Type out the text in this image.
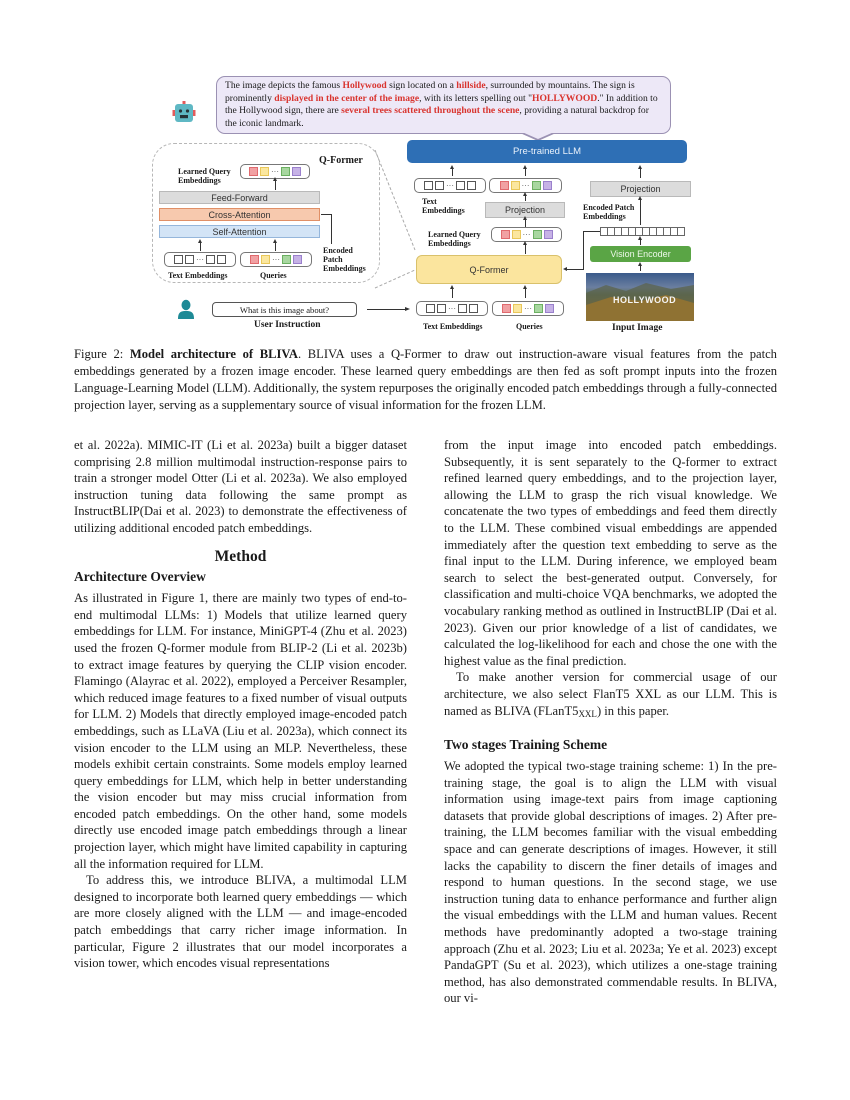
The image depicts the famous Hollywood sign located on a hillside, surrounded by mountains. The sign is prominently displayed in the center of the image, with its letters spelling out "HOLLYWOOD." In addition to the Hollywood sign, there are several trees scattered throughout the scene, providing a natural backdrop for the iconic landmark.
Q-Former
Learned Query Embeddings
···
Feed-Forward
Cross-Attention
Self-Attention
···	···
Text Embeddings	Queries
Encoded Patch Embeddings
Pre-trained LLM
···	···
Text Embeddings	Projection
Learned Query Embeddings
···
Q-Former
···	···
Text Embeddings	Queries
Projection
Encoded Patch Embeddings
Vision Encoder
HOLLYWOOD
Input Image
What is this image about?
User Instruction
Figure 2: Model architecture of BLIVA. BLIVA uses a Q-Former to draw out instruction-aware visual features from the patch embeddings generated by a frozen image encoder. These learned query embeddings are then fed as soft prompt inputs into the frozen Language-Learning Model (LLM). Additionally, the system repurposes the originally encoded patch embeddings through a fully-connected projection layer, serving as a supplementary source of visual information for the frozen LLM.

et al. 2022a). MIMIC-IT (Li et al. 2023a) built a bigger dataset comprising 2.8 million multimodal instruction-response pairs to train a stronger model Otter (Li et al. 2023a). We also employed instruction tuning data following the same prompt as InstructBLIP(Dai et al. 2023) to demonstrate the effectiveness of utilizing additional encoded patch embeddings.

Method
Architecture Overview

As illustrated in Figure 1, there are mainly two types of end-to-end multimodal LLMs: 1) Models that utilize learned query embeddings for LLM. For instance, MiniGPT-4 (Zhu et al. 2023) used the frozen Q-former module from BLIP-2 (Li et al. 2023b) to extract image features by querying the CLIP vision encoder. Flamingo (Alayrac et al. 2022), employed a Perceiver Resampler, which reduced image features to a fixed number of visual outputs for LLM. 2) Models that directly employed image-encoded patch embeddings, such as LLaVA (Liu et al. 2023a), which connect its vision encoder to the LLM using an MLP. Nevertheless, these models exhibit certain constraints. Some models employ learned query embeddings for LLM, which help in better understanding the vision encoder but may miss crucial information from encoded patch embeddings. On the other hand, some models directly use encoded image patch embeddings through a linear projection layer, which might have limited capability in capturing all the information required for LLM.

To address this, we introduce BLIVA, a multimodal LLM designed to incorporate both learned query embeddings — which are more closely aligned with the LLM — and image-encoded patch embeddings that carry richer image information. In particular, Figure 2 illustrates that our model incorporates a vision tower, which encodes visual representations

from the input image into encoded patch embeddings. Subsequently, it is sent separately to the Q-former to extract refined learned query embeddings, and to the projection layer, allowing the LLM to grasp the rich visual knowledge. We concatenate the two types of embeddings and feed them directly to the LLM. These combined visual embeddings are appended immediately after the question text embedding to serve as the final input to the LLM. During inference, we employed beam search to select the best-generated output. Conversely, for classification and multi-choice VQA benchmarks, we adopted the vocabulary ranking method as outlined in InstructBLIP (Dai et al. 2023). Given our prior knowledge of a list of candidates, we calculated the log-likelihood for each and chose the one with the highest value as the final prediction.

To make another version for commercial usage of our architecture, we also select FlanT5 XXL as our LLM. This is named as BLIVA $(FLanT5_{XXL})$ in this paper.

Two stages Training Scheme

We adopted the typical two-stage training scheme: 1) In the pre-training stage, the goal is to align the LLM with visual information using image-text pairs from image captioning datasets that provide global descriptions of images. 2) After pre-training, the LLM becomes familiar with the visual embedding space and can generate descriptions of images. However, it still lacks the capability to discern the finer details of images and respond to human questions. In the second stage, we use instruction tuning data to enhance performance and further align the visual embeddings with the LLM and human values. Recent methods have predominantly adopted a two-stage training approach (Zhu et al. 2023; Liu et al. 2023a; Ye et al. 2023) except PandaGPT (Su et al. 2023), which utilizes a one-stage training method, has also demonstrated commendable results. In BLIVA, our vi-
